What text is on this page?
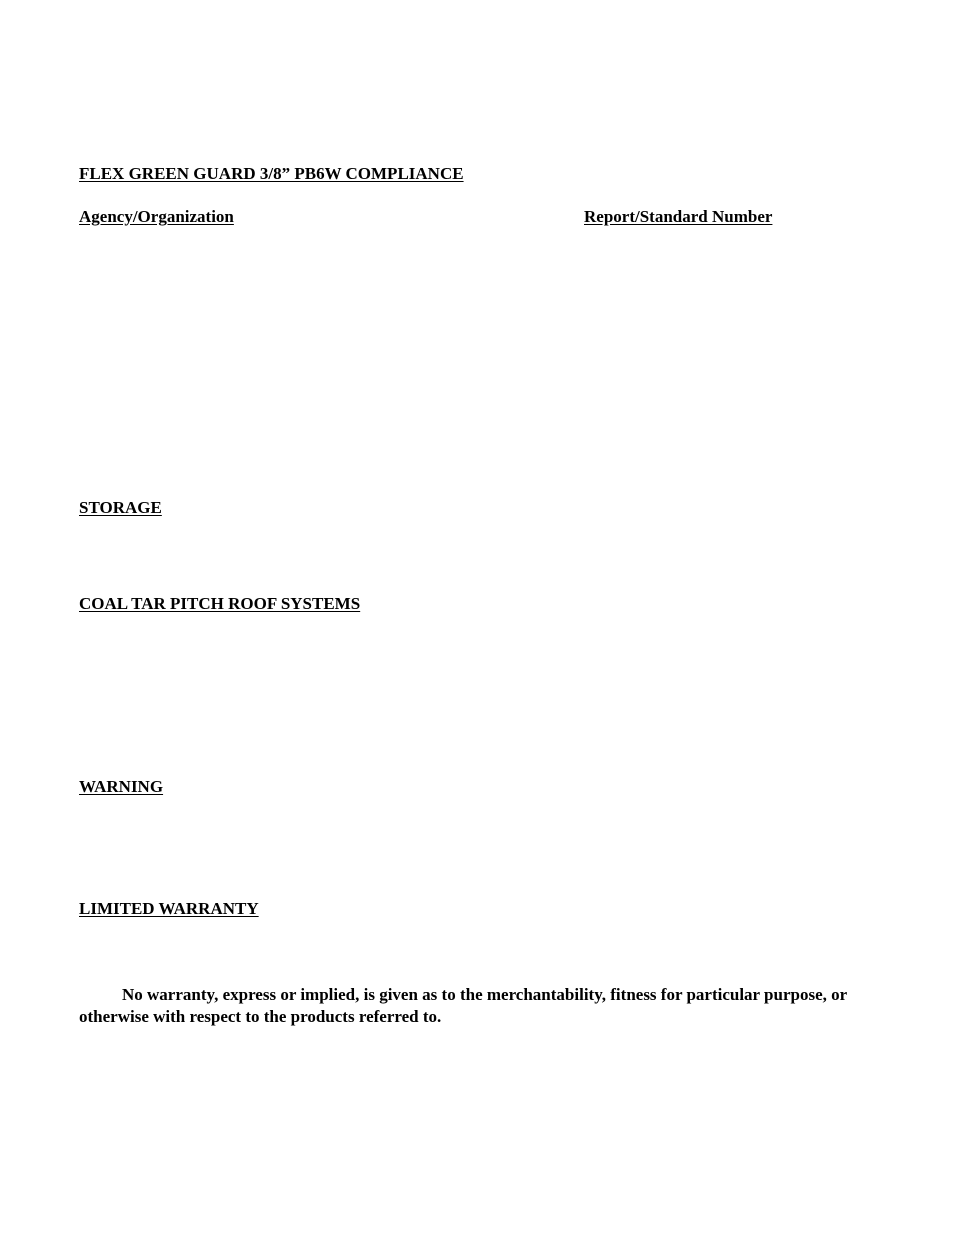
FLEX GREEN GUARD 3/8” PB6W COMPLIANCE
Agency/Organization	Report/Standard Number
STORAGE
COAL TAR PITCH ROOF SYSTEMS
WARNING
LIMITED WARRANTY

No warranty, express or implied, is given as to the merchantability, fitness for particular purpose, or otherwise with respect to the products referred to.
